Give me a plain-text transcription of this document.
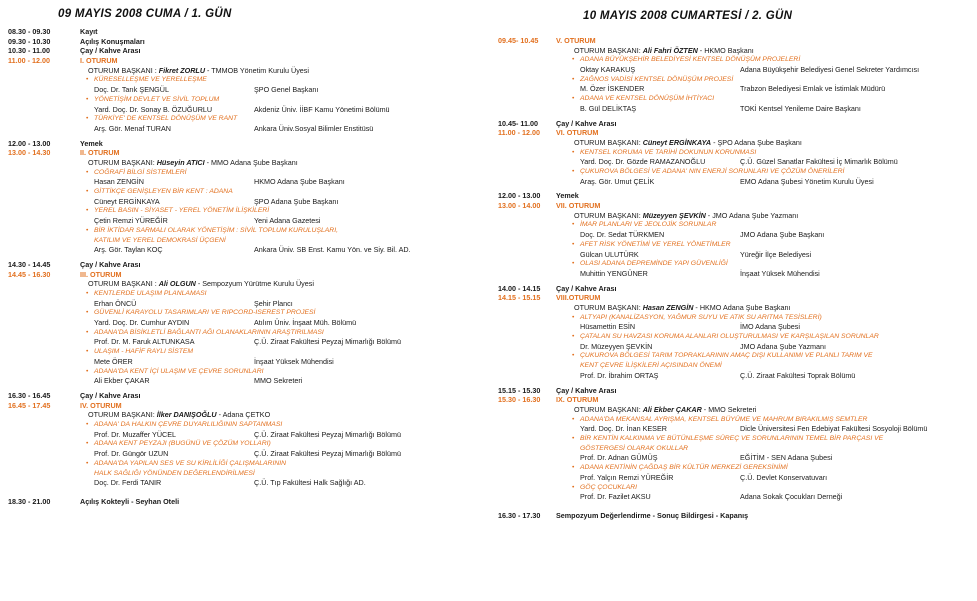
09 MAYIS 2008 CUMA / 1. GÜN
08.30 - 09.30	Kayıt
09.30 - 10.30	Açılış Konuşmaları
10.30 - 11.00	Çay / Kahve Arası
11.00 - 12.00	I. OTURUM
OTURUM BAŞKANI : Fikret ZORLU - TMMOB Yönetim Kurulu Üyesi
• KÜRESELLEŞME VE YERELLEŞME
Doç. Dr. Tarık ŞENGÜL	ŞPO Genel Başkanı
• YÖNETİŞİM DEVLET VE SİVİL TOPLUM
Yard. Doç. Dr. Sonay B. ÖZUĞURLU	Akdeniz Üniv. İİBF Kamu Yönetimi Bölümü
• TÜRKİYE' DE KENTSEL DÖNÜŞÜM VE RANT
Arş. Gör. Menaf TURAN	Ankara Üniv.Sosyal Bilimler Enstitüsü
12.00 - 13.00	Yemek
13.00 - 14.30	II. OTURUM
OTURUM BAŞKANI: Hüseyin ATICI - MMO Adana Şube Başkanı
• COĞRAFİ BİLGİ SİSTEMLERİ
Hasan ZENGİN	HKMO Adana Şube Başkanı
• GİTTİKÇE GENİŞLEYEN BİR KENT : ADANA
Cüneyt ERGİNKAYA	ŞPO Adana Şube Başkanı
• YEREL BASIN - SİYASET - YEREL YÖNETİM İLİŞKİLERİ
Çetin Remzi YÜREĞİR	Yeni Adana Gazetesi
• BİR İKTİDAR SARMALI OLARAK YÖNETİŞİM : SİVİL TOPLUM KURULUŞLARI,
KATILIM VE YEREL DEMOKRASİ ÜÇGENİ
Arş. Gör. Taylan KOÇ	Ankara Üniv. SB Enst. Kamu Yön. ve Siy. Bil. AD.
14.30 - 14.45	Çay / Kahve Arası
14.45 - 16.30	III. OTURUM
OTURUM BAŞKANI : Ali OLGUN - Sempozyum Yürütme Kurulu Üyesi
• KENTLERDE ULAŞIM PLANLAMASI
Erhan ÖNCÜ	Şehir Plancı
• GÜVENLİ KARAYOLU TASARIMLARI VE RIPCORD-ISEREST PROJESİ
Yard. Doç. Dr. Cumhur AYDIN	Atılım Üniv. İnşaat Müh. Bölümü
• ADANA'DA BİSİKLETLİ BAĞLANTI AĞI OLANAKLARININ ARAŞTIRILMASI
Prof. Dr. M. Faruk ALTUNKASA	Ç.Ü. Ziraat Fakültesi Peyzaj Mimarlığı Bölümü
• ULAŞIM - HAFİF RAYLI SİSTEM
Mete ÖRER	İnşaat Yüksek Mühendisi
• ADANA'DA KENT İÇİ ULAŞIM VE ÇEVRE SORUNLARI
Ali Ekber ÇAKAR	MMO Sekreteri
16.30 - 16.45	Çay / Kahve Arası
16.45 - 17.45	IV. OTURUM
OTURUM BAŞKANI: İlker DANIŞOĞLU - Adana ÇETKO
• ADANA' DA HALKIN ÇEVRE DUYARLILIĞININ SAPTANMASI
Prof. Dr. Muzaffer YÜCEL	Ç.Ü. Ziraat Fakültesi Peyzaj Mimarlığı Bölümü
• ADANA KENT PEYZAJI (BUGÜNÜ VE ÇÖZÜM YOLLARI)
Prof. Dr. Güngör UZUN	Ç.Ü. Ziraat Fakültesi Peyzaj Mimarlığı Bölümü
• ADANA'DA YAPILAN SES VE SU KİRLİLİĞİ ÇALIŞMALARININ
HALK SAĞLIĞI YÖNÜNDEN DEĞERLENDİRİLMESİ
Doç. Dr. Ferdi TANIR	Ç.Ü. Tıp Fakültesi Halk Sağlığı AD.
18.30 - 21.00	Açılış Kokteyli - Seyhan Oteli
10 MAYIS 2008 CUMARTESİ / 2. GÜN
09.45- 10.45	V. OTURUM
OTURUM BAŞKANI: Ali Fahri ÖZTEN - HKMO Başkanı
• ADANA BÜYÜKŞEHİR BELEDİYESİ KENTSEL DÖNÜŞÜM PROJELERİ
Oktay KARAKUŞ	Adana Büyükşehir Belediyesi Genel Sekreter Yardımcısı
• ZAĞNOS VADİSİ KENTSEL DÖNÜŞÜM PROJESİ
M. Özer İSKENDER	Trabzon Belediyesi Emlak ve İstimlak Müdürü
• ADANA VE KENTSEL DÖNÜŞÜM İHTİYACI
B. Gül DELİKTAŞ	TOKİ Kentsel Yenileme Daire Başkanı
10.45- 11.00	Çay / Kahve Arası
11.00 - 12.00	VI. OTURUM
OTURUM BAŞKANI: Cüneyt ERGİNKAYA - ŞPO Adana Şube Başkanı
• KENTSEL KORUMA VE TARİHİ DOKUNUN KORUNMASI
Yard. Doç. Dr. Gözde RAMAZANOĞLU	Ç.Ü. Güzel Sanatlar Fakültesi İç Mimarlık Bölümü
• ÇUKUROVA BÖLGESİ VE ADANA' NIN ENERJİ SORUNLARI VE ÇÖZÜM ÖNERİLERİ
Araş. Gör. Umut ÇELİK	EMO Adana Şubesi Yönetim Kurulu Üyesi
12.00 - 13.00	Yemek
13.00 - 14.00	VII. OTURUM
OTURUM BAŞKANI: Müzeyyen ŞEVKİN - JMO Adana Şube Yazmanı
• İMAR PLANLARI VE JEOLOJİK SORUNLAR
Doç. Dr. Sedat TÜRKMEN	JMO Adana Şube Başkanı
• AFET RİSK YÖNETİMİ VE YEREL YÖNETİMLER
Gülcan ULUTÜRK	Yüreğir İlçe Belediyesi
• OLASI ADANA DEPREMİNDE YAPI GÜVENLİĞİ
Muhittin YENGÜNER	İnşaat Yüksek Mühendisi
14.00 - 14.15	Çay / Kahve Arası
14.15 - 15.15	VIII.OTURUM
OTURUM BAŞKANI: Hasan ZENGİN - HKMO Adana Şube Başkanı
• ALTYAPI (KANALİZASYON, YAĞMUR SUYU VE ATIK SU ARITMA TESİSLERİ)
Hüsamettin ESİN	İMO Adana Şubesi
• ÇATALAN SU HAVZASI KORUMA ALANLARI OLUŞTURULMASI VE KARŞILAŞILAN SORUNLAR
Dr. Müzeyyen ŞEVKİN	JMO Adana Şube Yazmanı
• ÇUKUROVA BÖLGESİ TARIM TOPRAKLARININ AMAÇ DIŞI KULLANIMI VE PLANLI TARIM VE
KENT ÇEVRE İLİŞKİLERİ AÇISINDAN ÖNEMİ
Prof. Dr. İbrahim ORTAŞ	Ç.Ü. Ziraat Fakültesi Toprak Bölümü
15.15 - 15.30	Çay / Kahve Arası
15.30 - 16.30	IX. OTURUM
OTURUM BAŞKANI: Ali Ekber ÇAKAR - MMO Sekreteri
• ADANA'DA MEKANSAL AYRIŞMA, KENTSEL BÜYÜME VE MAHRUM BIRAKILMIŞ SEMTLER
Yard. Doç. Dr. İnan KESER	Dicle Üniversitesi Fen Edebiyat Fakültesi Sosyoloji Bölümü
• BİR KENTİN KALKINMA VE BÜTÜNLEŞME SÜREÇ VE SORUNLARININ TEMEL BİR PARÇASI VE
GÖSTERGESİ OLARAK OKULLAR
Prof. Dr. Adnan GÜMÜŞ	EĞİTİM - SEN Adana Şubesi
• ADANA KENTİNİN ÇAĞDAŞ BİR KÜLTÜR MERKEZİ GEREKSİNİMİ
Prof. Yalçın Remzi YÜREĞİR	Ç.Ü. Devlet Konservatuvarı
• GÖÇ ÇOCUKLARI
Prof. Dr. Fazilet AKSU	Adana Sokak Çocukları Derneği
16.30 - 17.30	Sempozyum Değerlendirme - Sonuç Bildirgesi - Kapanış
